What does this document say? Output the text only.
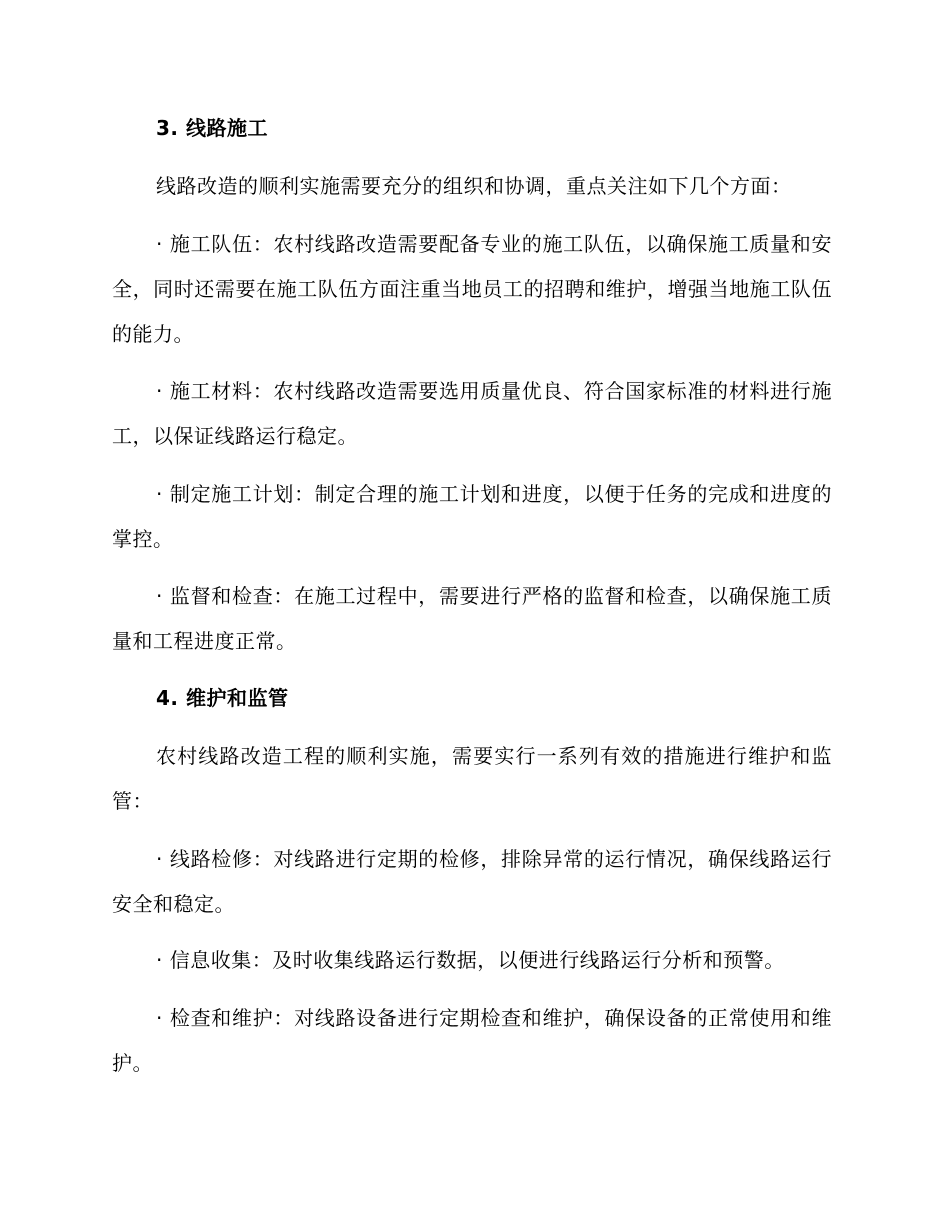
3. 线路施工

线路改造的顺利实施需要充分的组织和协调，重点关注如下几个方面：

· 施工队伍：农村线路改造需要配备专业的施工队伍，以确保施工质量和安全，同时还需要在施工队伍方面注重当地员工的招聘和维护，增强当地施工队伍的能力。

· 施工材料：农村线路改造需要选用质量优良、符合国家标准的材料进行施工，以保证线路运行稳定。

· 制定施工计划：制定合理的施工计划和进度，以便于任务的完成和进度的掌控。

· 监督和检查：在施工过程中，需要进行严格的监督和检查，以确保施工质量和工程进度正常。

4. 维护和监管

农村线路改造工程的顺利实施，需要实行一系列有效的措施进行维护和监管：

· 线路检修：对线路进行定期的检修，排除异常的运行情况，确保线路运行安全和稳定。

· 信息收集：及时收集线路运行数据，以便进行线路运行分析和预警。

· 检查和维护：对线路设备进行定期检查和维护，确保设备的正常使用和维护。
